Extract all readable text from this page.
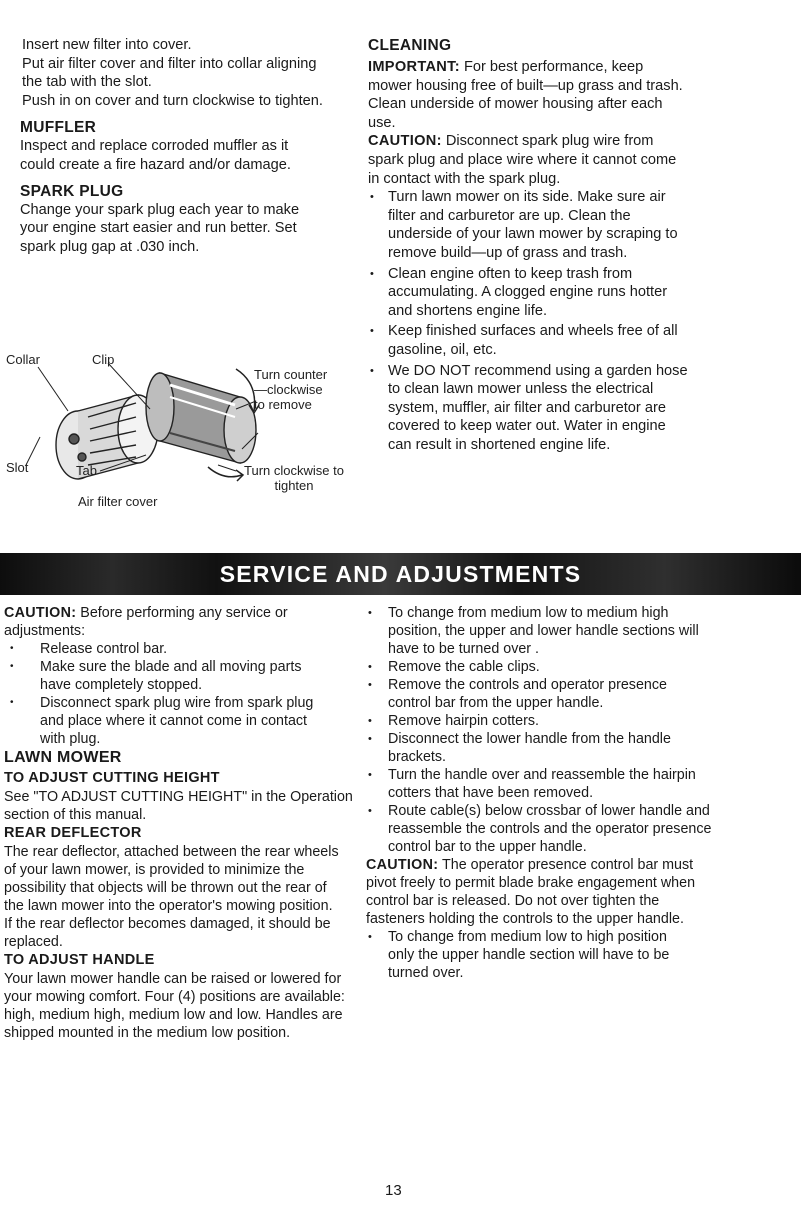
Insert new filter into cover.

Put air filter cover and filter into collar aligning the tab with the slot.

Push in on cover and turn clockwise to tighten.

MUFFLER

Inspect and replace corroded muffler as it could create a fire hazard and/or damage.

SPARK PLUG

Change your spark plug each year to make your engine start easier and run better. Set spark plug gap at .030 inch.

Collar	Clip
Slot	Tab
Air filter cover
Turn counter—clockwise to remove
Turn clockwise to tighten

CLEANING

IMPORTANT: For best performance, keep mower housing free of built—up grass and trash. Clean underside of mower housing after each use.

CAUTION: Disconnect spark plug wire from spark plug and place wire where it cannot come in contact with the spark plug.

• Turn lawn mower on its side. Make sure air filter and carburetor are up. Clean the underside of your lawn mower by scraping to remove build—up of grass and trash.

• Clean engine often to keep trash from accumulating. A clogged engine runs hotter and shortens engine life.

• Keep finished surfaces and wheels free of all gasoline, oil, etc.

• We DO NOT recommend using a garden hose to clean lawn mower unless the electrical system, muffler, air filter and carburetor are covered to keep water out. Water in engine can result in shortened engine life.

SERVICE AND ADJUSTMENTS

CAUTION: Before performing any service or adjustments:

• Release control bar.

• Make sure the blade and all moving parts have completely stopped.

• Disconnect spark plug wire from spark plug and place where it cannot come in contact with plug.

LAWN MOWER

TO ADJUST CUTTING HEIGHT

See "TO ADJUST CUTTING HEIGHT" in the Operation section of this manual.

REAR DEFLECTOR

The rear deflector, attached between the rear wheels of your lawn mower, is provided to minimize the possibility that objects will be thrown out the rear of the lawn mower into the operator's mowing position.

If the rear deflector becomes damaged, it should be replaced.

TO ADJUST HANDLE

Your lawn mower handle can be raised or lowered for your mowing comfort. Four (4) positions are available: high, medium high, medium low and low. Handles are shipped mounted in the medium low position.

• To change from medium low to medium high position, the upper and lower handle sections will have to be turned over .

• Remove the cable clips.

• Remove the controls and operator presence control bar from the upper handle.

• Remove hairpin cotters.

• Disconnect the lower handle from the handle brackets.

• Turn the handle over and reassemble the hairpin cotters that have been removed.

• Route cable(s) below crossbar of lower handle and reassemble the controls and the operator presence control bar to the upper handle.

CAUTION: The operator presence control bar must pivot freely to permit blade brake engagement when control bar is released. Do not over tighten the fasteners holding the controls to the upper handle.

• To change from medium low to high position only the upper handle section will have to be turned over.

13
